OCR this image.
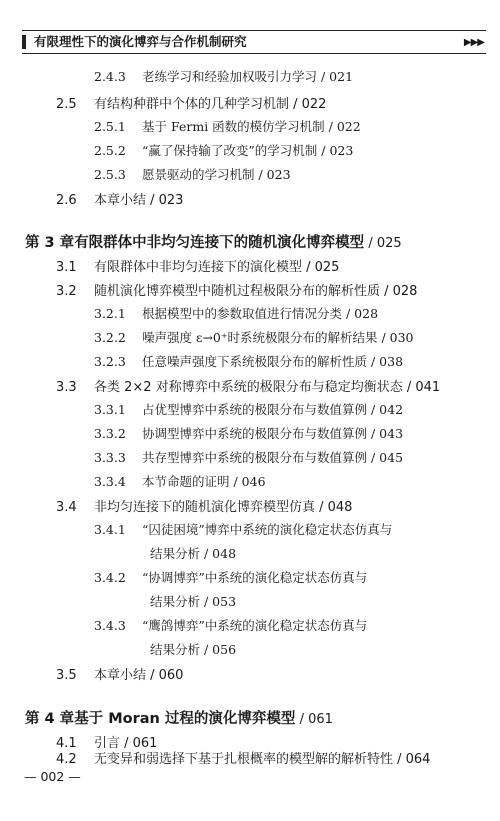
有限理性下的演化博弈与合作机制研究	▶▶▶
2.4.3 老练学习和经验加权吸引力学习 / 021
2.5 有结构种群中个体的几种学习机制 / 022
2.5.1 基于 Fermi 函数的模仿学习机制 / 022
2.5.2 “赢了保持输了改变”的学习机制 / 023
2.5.3 愿景驱动的学习机制 / 023
2.6 本章小结 / 023
第 3 章有限群体中非均匀连接下的随机演化博弈模型 / 025
3.1 有限群体中非均匀连接下的演化模型 / 025
3.2 随机演化博弈模型中随机过程极限分布的解析性质 / 028
3.2.1 根据模型中的参数取值进行情况分类 / 028
3.2.2 噪声强度 ε→0⁺时系统极限分布的解析结果 / 030
3.2.3 任意噪声强度下系统极限分布的解析性质 / 038
3.3 各类 2×2 对称博弈中系统的极限分布与稳定均衡状态 / 041
3.3.1 占优型博弈中系统的极限分布与数值算例 / 042
3.3.2 协调型博弈中系统的极限分布与数值算例 / 043
3.3.3 共存型博弈中系统的极限分布与数值算例 / 045
3.3.4 本节命题的证明 / 046
3.4 非均匀连接下的随机演化博弈模型仿真 / 048
3.4.1 “囚徒困境”博弈中系统的演化稳定状态仿真与
结果分析 / 048
3.4.2 “协调博弈”中系统的演化稳定状态仿真与
结果分析 / 053
3.4.3 “鹰鸽博弈”中系统的演化稳定状态仿真与
结果分析 / 056
3.5 本章小结 / 060
第 4 章基于 Moran 过程的演化博弈模型 / 061
4.1 引言 / 061
4.2 无变异和弱选择下基于扎根概率的模型解的解析特性 / 064
— 002 —
